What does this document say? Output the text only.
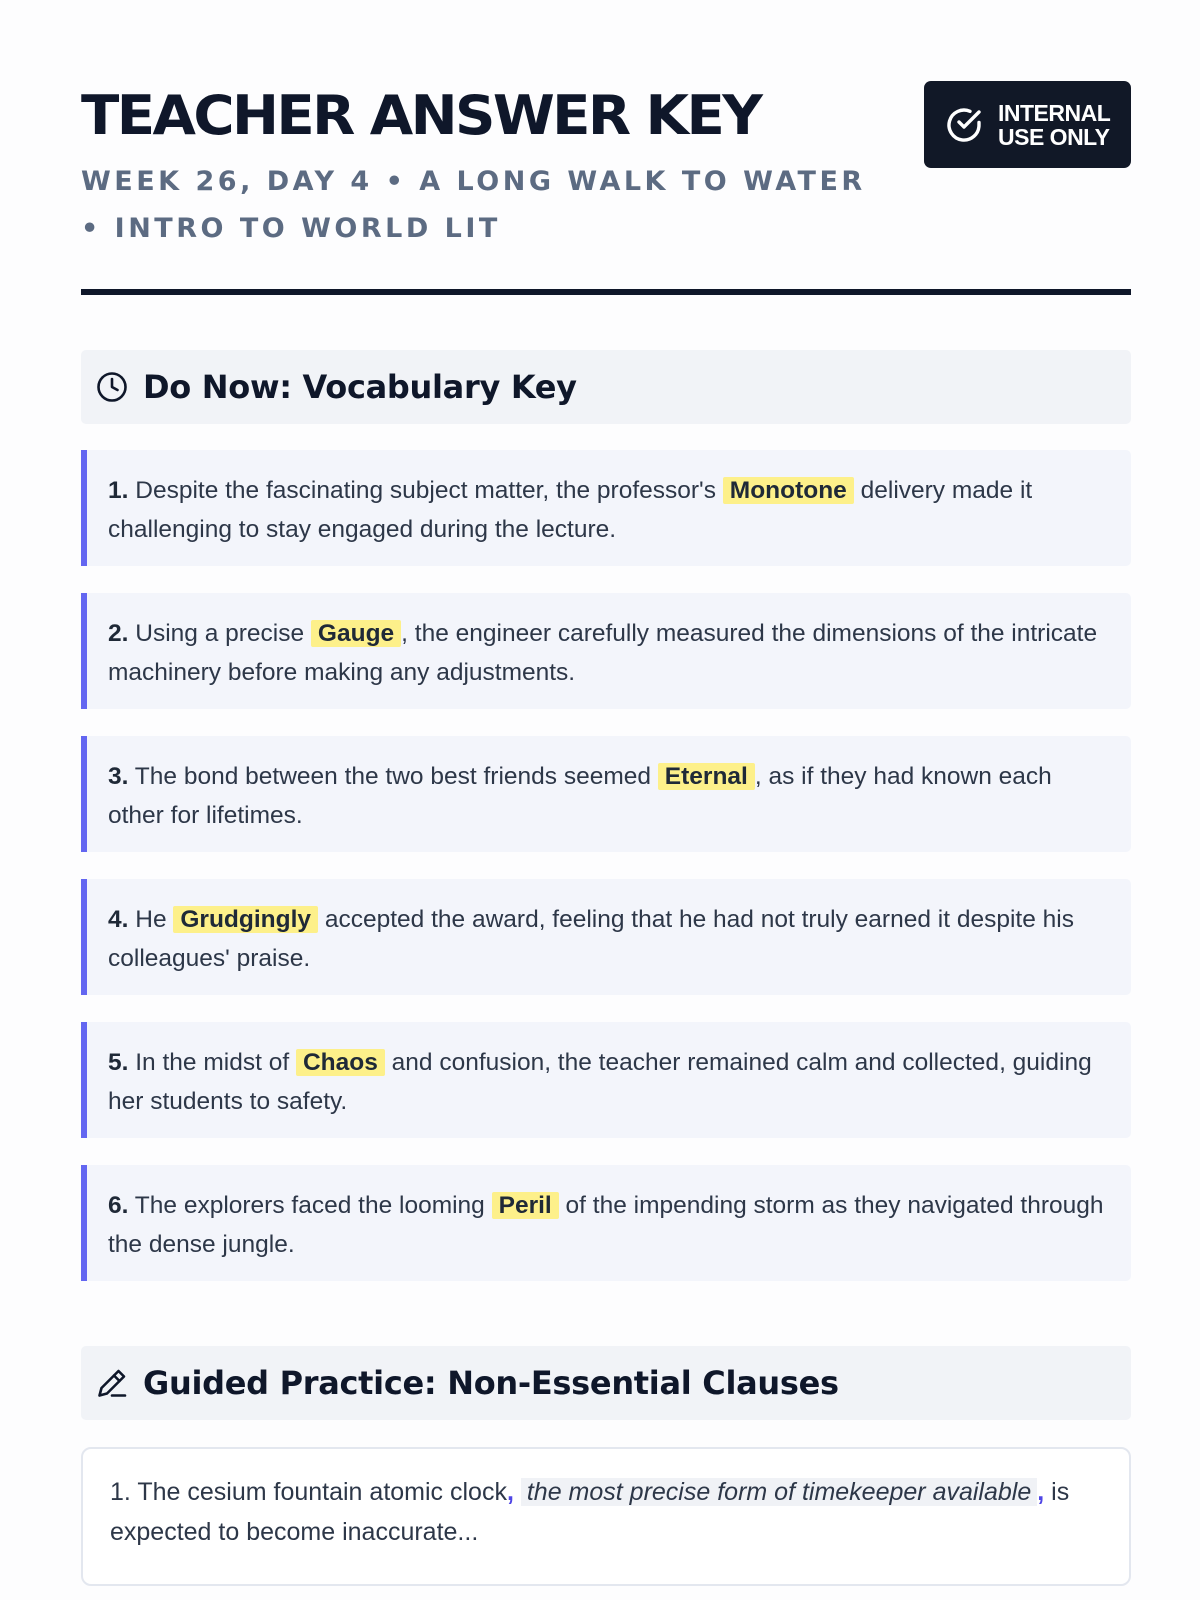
TEACHER ANSWER KEY
WEEK 26, DAY 4 • A LONG WALK TO WATER • INTRO TO WORLD LIT
INTERNAL
USE ONLY
Do Now: Vocabulary Key
1. Despite the fascinating subject matter, the professor's Monotone delivery made it challenging to stay engaged during the lecture.
2. Using a precise Gauge , the engineer carefully measured the dimensions of the intricate machinery before making any adjustments.
3. The bond between the two best friends seemed Eternal , as if they had known each other for lifetimes.
4. He Grudgingly accepted the award, feeling that he had not truly earned it despite his colleagues' praise.
5. In the midst of Chaos and confusion, the teacher remained calm and collected, guiding her students to safety.
6. The explorers faced the looming Peril of the impending storm as they navigated through the dense jungle.
Guided Practice: Non-Essential Clauses
1. The cesium fountain atomic clock, the most precise form of timekeeper available , is expected to become inaccurate...
